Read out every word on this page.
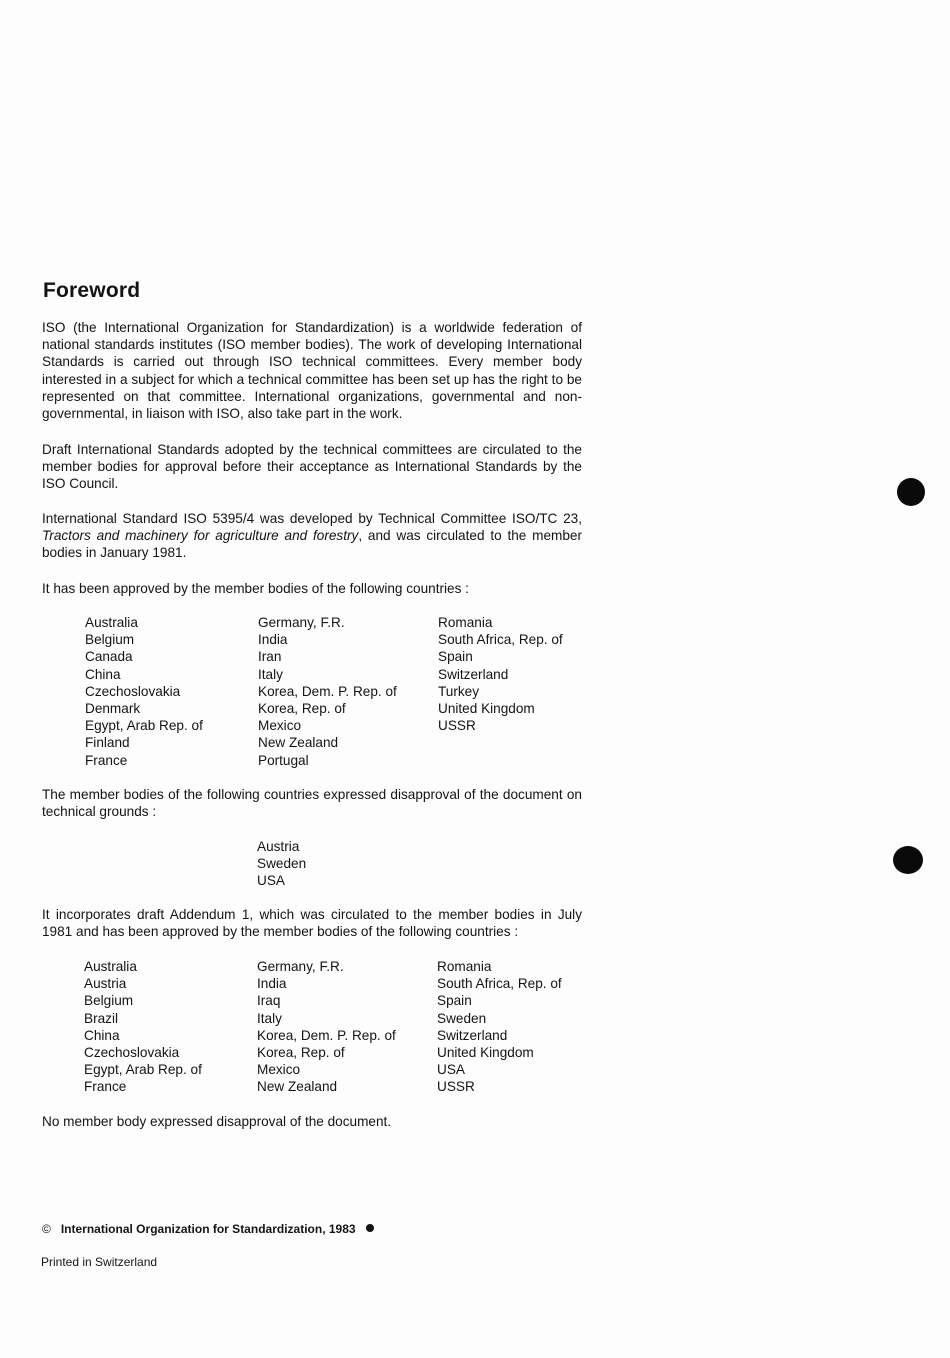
Foreword

ISO (the International Organization for Standardization) is a worldwide federation of national standards institutes (ISO member bodies). The work of developing International Standards is carried out through ISO technical committees. Every member body interested in a subject for which a technical committee has been set up has the right to be represented on that committee. International organizations, governmental and non-governmental, in liaison with ISO, also take part in the work.

Draft International Standards adopted by the technical committees are circulated to the member bodies for approval before their acceptance as International Standards by the ISO Council.

International Standard ISO 5395/4 was developed by Technical Committee ISO/TC 23, Tractors and machinery for agriculture and forestry, and was circulated to the member bodies in January 1981.

It has been approved by the member bodies of the following countries :

Australia
Belgium
Canada
China
Czechoslovakia
Denmark
Egypt, Arab Rep. of
Finland
France
Germany, F.R.
India
Iran
Italy
Korea, Dem. P. Rep. of
Korea, Rep. of
Mexico
New Zealand
Portugal
Romania
South Africa, Rep. of
Spain
Switzerland
Turkey
United Kingdom
USSR

The member bodies of the following countries expressed disapproval of the document on technical grounds :

Austria
Sweden
USA

It incorporates draft Addendum 1, which was circulated to the member bodies in July 1981 and has been approved by the member bodies of the following countries :

Australia
Austria
Belgium
Brazil
China
Czechoslovakia
Egypt, Arab Rep. of
France
Germany, F.R.
India
Iraq
Italy
Korea, Dem. P. Rep. of
Korea, Rep. of
Mexico
New Zealand
Romania
South Africa, Rep. of
Spain
Sweden
Switzerland
United Kingdom
USA
USSR

No member body expressed disapproval of the document.

© International Organization for Standardization, 1983

Printed in Switzerland
